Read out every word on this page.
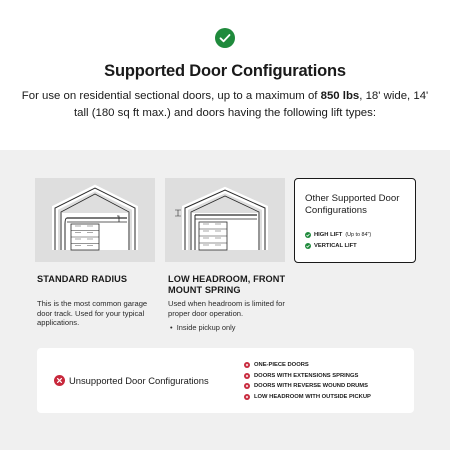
Supported Door Configurations
For use on residential sectional doors, up to a maximum of 850 lbs, 18' wide, 14' tall (180 sq ft max.) and doors having the following lift types:
STANDARD RADIUS
This is the most common garage door track. Used for your typical applications.
LOW HEADROOM, FRONT MOUNT SPRING
Used when headroom is limited for proper door operation.
•  Inside pickup only
Other Supported Door Configurations
HIGH LIFT (Up to 84")
VERTICAL LIFT
Unsupported Door Configurations
ONE-PIECE DOORS
DOORS WITH EXTENSIONS SPRINGS
DOORS WITH REVERSE WOUND DRUMS
LOW HEADROOM WITH OUTSIDE PICKUP
